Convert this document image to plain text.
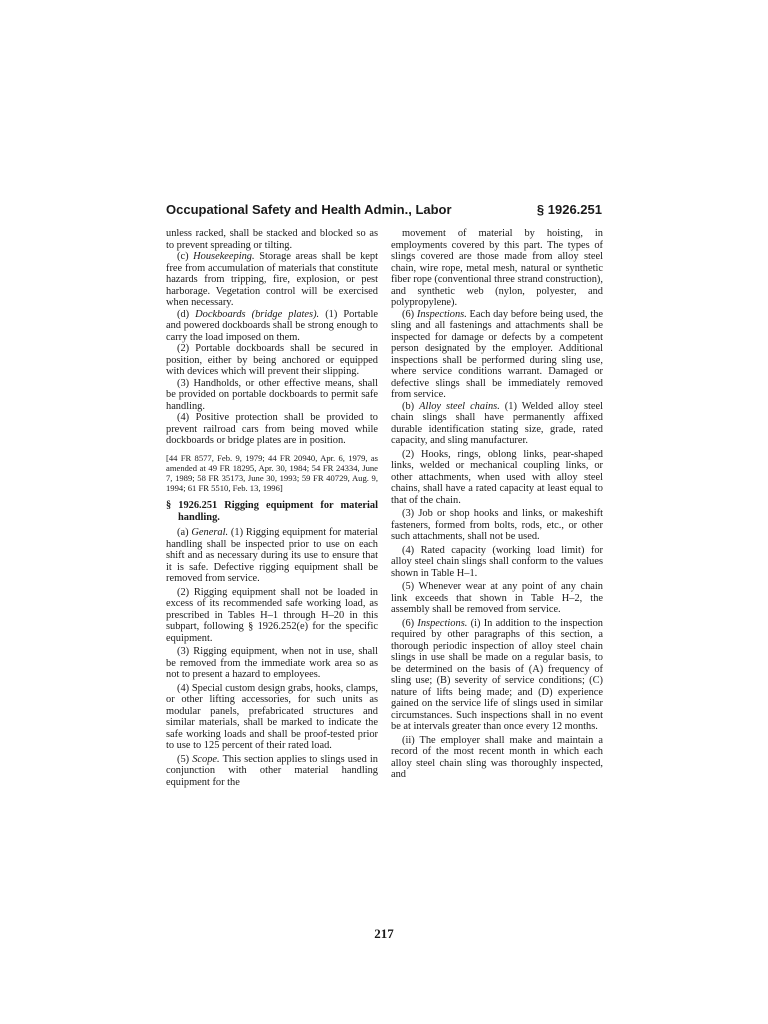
Occupational Safety and Health Admin., Labor	§ 1926.251

unless racked, shall be stacked and blocked so as to prevent spreading or tilting.

(c) Housekeeping. Storage areas shall be kept free from accumulation of materials that constitute hazards from tripping, fire, explosion, or pest harborage. Vegetation control will be exercised when necessary.

(d) Dockboards (bridge plates). (1) Portable and powered dockboards shall be strong enough to carry the load imposed on them.

(2) Portable dockboards shall be secured in position, either by being anchored or equipped with devices which will prevent their slipping.

(3) Handholds, or other effective means, shall be provided on portable dockboards to permit safe handling.

(4) Positive protection shall be provided to prevent railroad cars from being moved while dockboards or bridge plates are in position.

[44 FR 8577, Feb. 9, 1979; 44 FR 20940, Apr. 6, 1979, as amended at 49 FR 18295, Apr. 30, 1984; 54 FR 24334, June 7, 1989; 58 FR 35173, June 30, 1993; 59 FR 40729, Aug. 9, 1994; 61 FR 5510, Feb. 13, 1996]

§ 1926.251 Rigging equipment for material handling.

(a) General. (1) Rigging equipment for material handling shall be inspected prior to use on each shift and as necessary during its use to ensure that it is safe. Defective rigging equipment shall be removed from service.

(2) Rigging equipment shall not be loaded in excess of its recommended safe working load, as prescribed in Tables H–1 through H–20 in this subpart, following § 1926.252(e) for the specific equipment.

(3) Rigging equipment, when not in use, shall be removed from the immediate work area so as not to present a hazard to employees.

(4) Special custom design grabs, hooks, clamps, or other lifting accessories, for such units as modular panels, prefabricated structures and similar materials, shall be marked to indicate the safe working loads and shall be proof-tested prior to use to 125 percent of their rated load.

(5) Scope. This section applies to slings used in conjunction with other material handling equipment for the

movement of material by hoisting, in employments covered by this part. The types of slings covered are those made from alloy steel chain, wire rope, metal mesh, natural or synthetic fiber rope (conventional three strand construction), and synthetic web (nylon, polyester, and polypropylene).

(6) Inspections. Each day before being used, the sling and all fastenings and attachments shall be inspected for damage or defects by a competent person designated by the employer. Additional inspections shall be performed during sling use, where service conditions warrant. Damaged or defective slings shall be immediately removed from service.

(b) Alloy steel chains. (1) Welded alloy steel chain slings shall have permanently affixed durable identification stating size, grade, rated capacity, and sling manufacturer.

(2) Hooks, rings, oblong links, pear-shaped links, welded or mechanical coupling links, or other attachments, when used with alloy steel chains, shall have a rated capacity at least equal to that of the chain.

(3) Job or shop hooks and links, or makeshift fasteners, formed from bolts, rods, etc., or other such attachments, shall not be used.

(4) Rated capacity (working load limit) for alloy steel chain slings shall conform to the values shown in Table H–1.

(5) Whenever wear at any point of any chain link exceeds that shown in Table H–2, the assembly shall be removed from service.

(6) Inspections. (i) In addition to the inspection required by other paragraphs of this section, a thorough periodic inspection of alloy steel chain slings in use shall be made on a regular basis, to be determined on the basis of (A) frequency of sling use; (B) severity of service conditions; (C) nature of lifts being made; and (D) experience gained on the service life of slings used in similar circumstances. Such inspections shall in no event be at intervals greater than once every 12 months.

(ii) The employer shall make and maintain a record of the most recent month in which each alloy steel chain sling was thoroughly inspected, and

217
